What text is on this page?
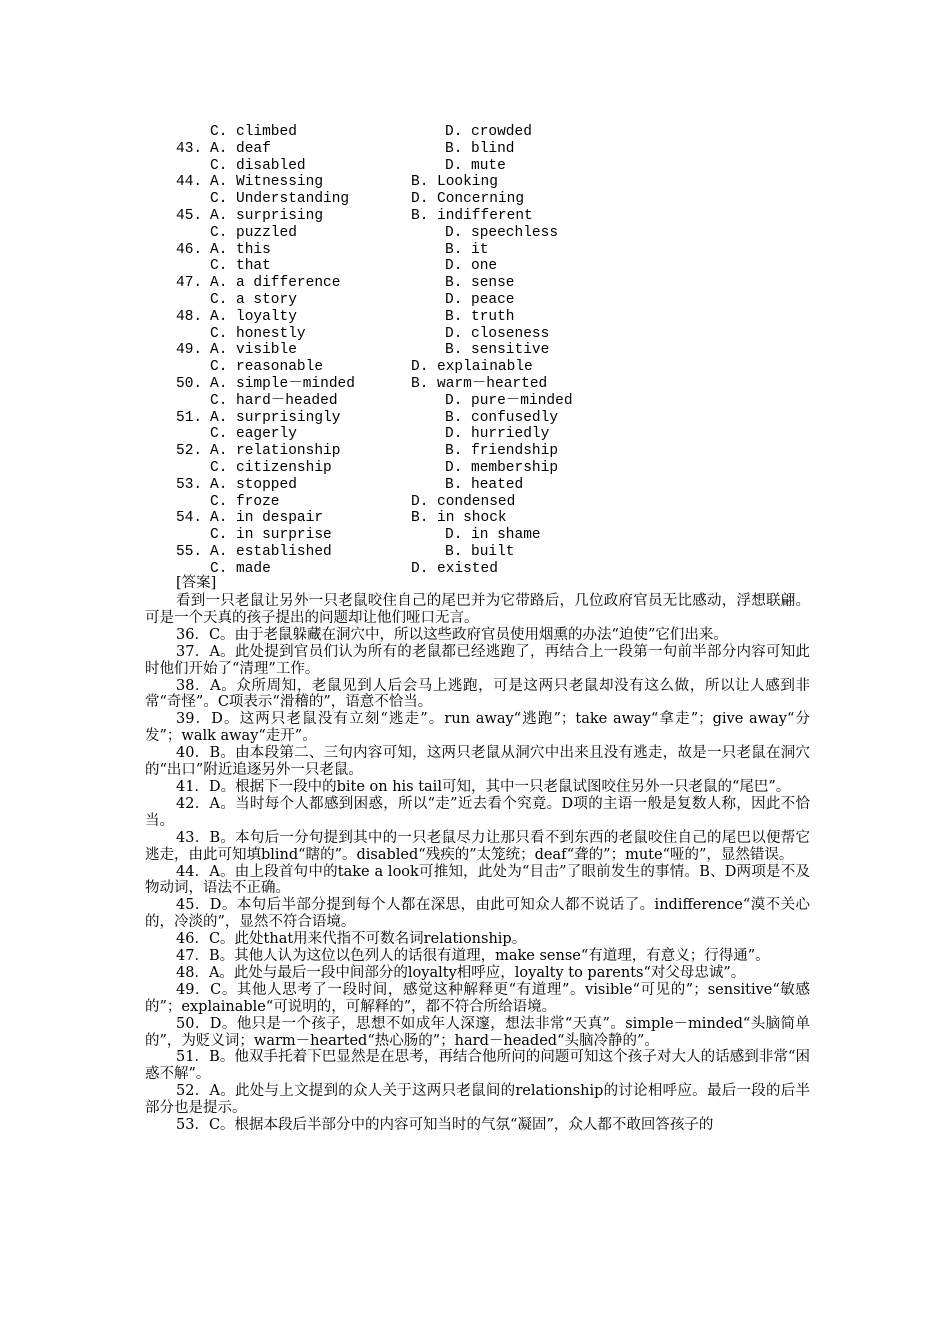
C. climbed	D. crowded
43. A. deaf	B. blind
C. disabled	D. mute
44. A. Witnessing	B. Looking
C. Understanding	D. Concerning
45. A. surprising	B. indifferent
C. puzzled	D. speechless
46. A. this	B. it
C. that	D. one
47. A. a difference	B. sense
C. a story	D. peace
48. A. loyalty	B. truth
C. honestly	D. closeness
49. A. visible	B. sensitive
C. reasonable	D. explainable
50. A. simple－minded	B. warm－hearted
C. hard－headed	D. pure－minded
51. A. surprisingly	B. confusedly
C. eagerly	D. hurriedly
52. A. relationship	B. friendship
C. citizenship	D. membership
53. A. stopped	B. heated
C. froze	D. condensed
54. A. in despair	B. in shock
C. in surprise	D. in shame
55. A. established	B. built
C. made	D. existed
[答案]

看到一只老鼠让另外一只老鼠咬住自己的尾巴并为它带路后，几位政府官员无比感动，浮想联翩。可是一个天真的孩子提出的问题却让他们哑口无言。

36．C。由于老鼠躲藏在洞穴中，所以这些政府官员使用烟熏的办法“迫使”它们出来。

37．A。此处提到官员们认为所有的老鼠都已经逃跑了，再结合上一段第一句前半部分内容可知此时他们开始了“清理”工作。

38．A。众所周知，老鼠见到人后会马上逃跑，可是这两只老鼠却没有这么做，所以让人感到非常“奇怪”。C项表示“滑稽的”，语意不恰当。

39．D。这两只老鼠没有立刻“逃走”。run away“逃跑”；take away“拿走”；give away“分发”；walk away“走开”。

40．B。由本段第二、三句内容可知，这两只老鼠从洞穴中出来且没有逃走，故是一只老鼠在洞穴的“出口”附近追逐另外一只老鼠。

41．D。根据下一段中的bite on his tail可知，其中一只老鼠试图咬住另外一只老鼠的“尾巴”。

42．A。当时每个人都感到困惑，所以“走”近去看个究竟。D项的主语一般是复数人称，因此不恰当。

43．B。本句后一分句提到其中的一只老鼠尽力让那只看不到东西的老鼠咬住自己的尾巴以便帮它逃走，由此可知填blind“瞎的”。disabled“残疾的”太笼统；deaf“聋的”；mute“哑的”，显然错误。

44．A。由上段首句中的take a look可推知，此处为“目击”了眼前发生的事情。B、D两项是不及物动词，语法不正确。

45．D。本句后半部分提到每个人都在深思，由此可知众人都不说话了。indifference“漠不关心的，冷淡的”，显然不符合语境。

46．C。此处that用来代指不可数名词relationship。

47．B。其他人认为这位以色列人的话很有道理，make sense“有道理，有意义；行得通”。

48．A。此处与最后一段中间部分的loyalty相呼应，loyalty to parents“对父母忠诚”。

49．C。其他人思考了一段时间，感觉这种解释更“有道理”。visible“可见的”；sensitive“敏感的”；explainable“可说明的，可解释的”，都不符合所给语境。

50．D。他只是一个孩子，思想不如成年人深邃，想法非常“天真”。simple－minded“头脑简单的”，为贬义词；warm－hearted“热心肠的”；hard－headed“头脑冷静的”。

51．B。他双手托着下巴显然是在思考，再结合他所问的问题可知这个孩子对大人的话感到非常“困惑不解”。

52．A。此处与上文提到的众人关于这两只老鼠间的relationship的讨论相呼应。最后一段的后半部分也是提示。

53．C。根据本段后半部分中的内容可知当时的气氛“凝固”，众人都不敢回答孩子的
